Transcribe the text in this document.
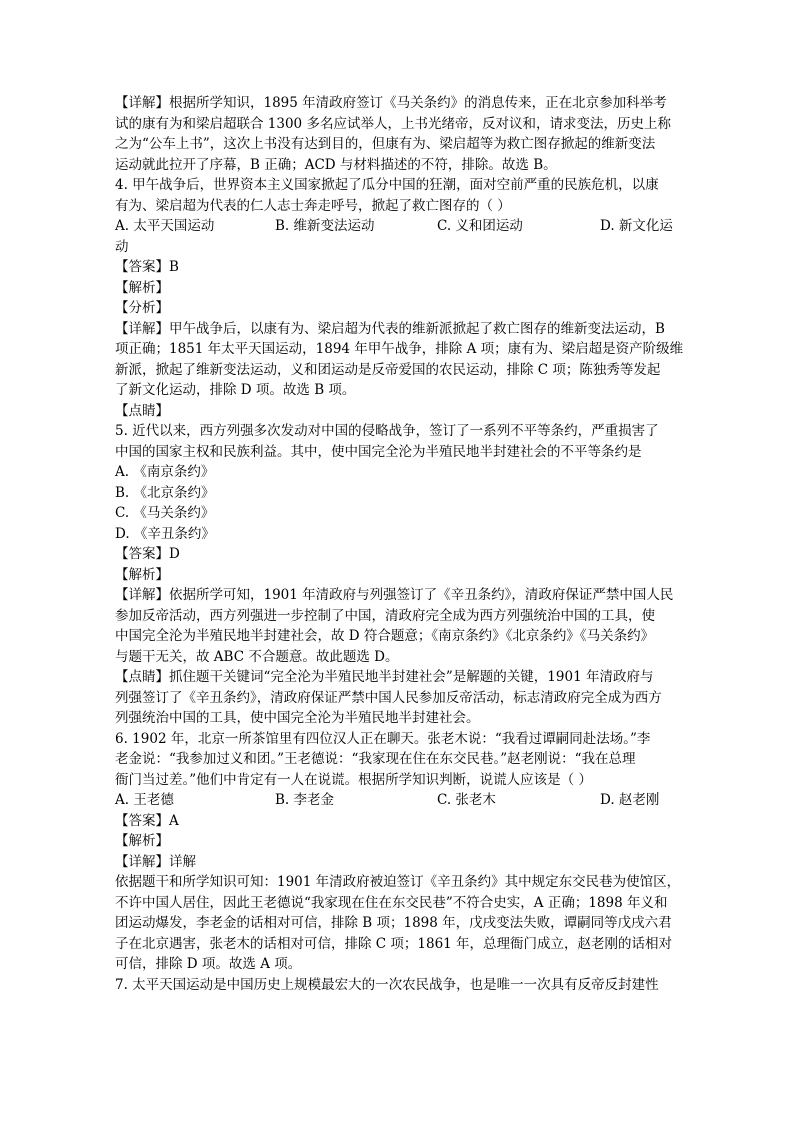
【详解】根据所学知识，1895 年清政府签订《马关条约》的消息传来，正在北京参加科举考
试的康有为和梁启超联合 1300 多名应试举人，上书光绪帝，反对议和，请求变法，历史上称
之为“公车上书”，这次上书没有达到目的，但康有为、梁启超等为救亡图存掀起的维新变法
运动就此拉开了序幕，B 正确；ACD 与材料描述的不符，排除。故选 B。
4. 甲午战争后，世界资本主义国家掀起了瓜分中国的狂潮，面对空前严重的民族危机，以康
有为、梁启超为代表的仁人志士奔走呼号，掀起了救亡图存的（ ）
A. 太平天国运动	B. 维新变法运动	C. 义和团运动	D. 新文化运
动
【答案】B
【解析】
【分析】
【详解】甲午战争后，以康有为、梁启超为代表的维新派掀起了救亡图存的维新变法运动，B
项正确；1851 年太平天国运动，1894 年甲午战争，排除 A 项；康有为、梁启超是资产阶级维
新派，掀起了维新变法运动，义和团运动是反帝爱国的农民运动，排除 C 项；陈独秀等发起
了新文化运动，排除 D 项。故选 B 项。
【点睛】
5. 近代以来，西方列强多次发动对中国的侵略战争，签订了一系列不平等条约，严重损害了
中国的国家主权和民族利益。其中，使中国完全沦为半殖民地半封建社会的不平等条约是
A. 《南京条约》
B. 《北京条约》
C. 《马关条约》
D. 《辛丑条约》
【答案】D
【解析】
【详解】依据所学可知，1901 年清政府与列强签订了《辛丑条约》，清政府保证严禁中国人民
参加反帝活动，西方列强进一步控制了中国，清政府完全成为西方列强统治中国的工具，使
中国完全沦为半殖民地半封建社会，故 D 符合题意；《南京条约》《北京条约》《马关条约》
与题干无关，故 ABC 不合题意。故此题选 D。
【点睛】抓住题干关键词“完全沦为半殖民地半封建社会”是解题的关键，1901 年清政府与
列强签订了《辛丑条约》，清政府保证严禁中国人民参加反帝活动，标志清政府完全成为西方
列强统治中国的工具，使中国完全沦为半殖民地半封建社会。
6. 1902 年，北京一所茶馆里有四位汉人正在聊天。张老木说：“我看过谭嗣同赴法场。”李
老金说：“我参加过义和团。”王老德说：“我家现在住在东交民巷。”赵老刚说：“我在总理
衙门当过差。”他们中肯定有一人在说谎。根据所学知识判断，说谎人应该是（ ）
A. 王老德	B. 李老金	C. 张老木	D. 赵老刚
【答案】A
【解析】
【详解】详解
依据题干和所学知识可知：1901 年清政府被迫签订《辛丑条约》其中规定东交民巷为使馆区，
不许中国人居住，因此王老德说“我家现在住在东交民巷”不符合史实，A 正确；1898 年义和
团运动爆发，李老金的话相对可信，排除 B 项；1898 年，戊戌变法失败，谭嗣同等戊戌六君
子在北京遇害，张老木的话相对可信，排除 C 项；1861 年，总理衙门成立，赵老刚的话相对
可信，排除 D 项。故选 A 项。
7. 太平天国运动是中国历史上规模最宏大的一次农民战争，也是唯一一次具有反帝反封建性
